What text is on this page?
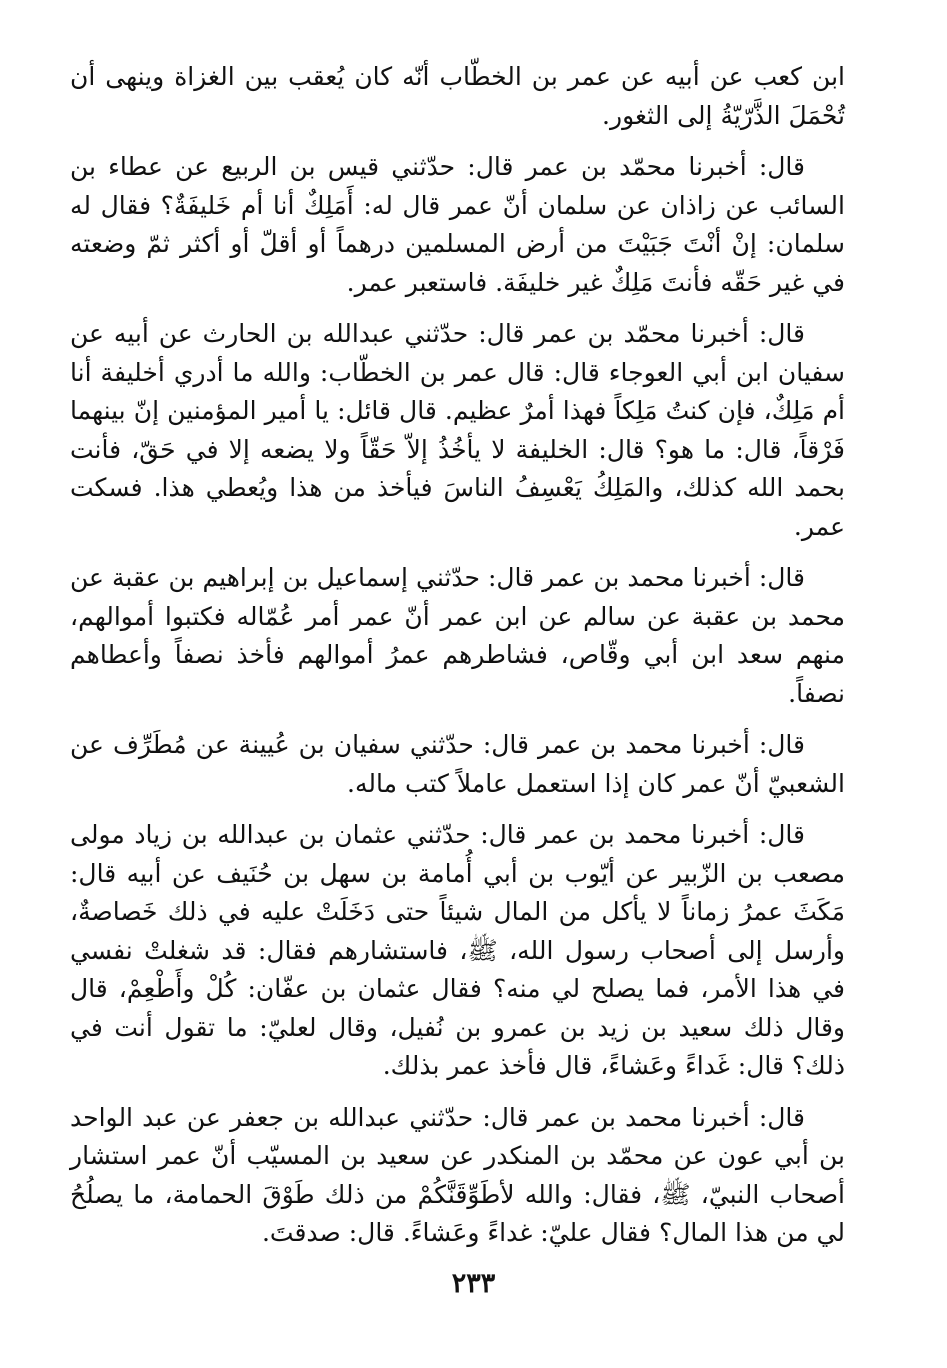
ابن كعب عن أبيه عن عمر بن الخطّاب أنّه كان يُعقب بين الغزاة وينهى أن تُحْمَلَ الذَّرّيّةُ إلى الثغور.

قال: أخبرنا محمّد بن عمر قال: حدّثني قيس بن الربيع عن عطاء بن السائب عن زاذان عن سلمان أنّ عمر قال له: أَمَلِكٌ أنا أم خَليفَةٌ؟ فقال له سلمان: إنْ أنْتَ جَبَيْتَ من أرض المسلمين درهماً أو أقلّ أو أكثر ثمّ وضعته في غير حَقّه فأنتَ مَلِكٌ غير خليفَة. فاستعبر عمر.

قال: أخبرنا محمّد بن عمر قال: حدّثني عبدالله بن الحارث عن أبيه عن سفيان ابن أبي العوجاء قال: قال عمر بن الخطّاب: والله ما أدري أخليفة أنا أم مَلِكٌ، فإن كنتُ مَلِكاً فهذا أمرٌ عظيم. قال قائل: يا أمير المؤمنين إنّ بينهما فَرْقاً، قال: ما هو؟ قال: الخليفة لا يأخُذُ إلاّ حَقّاً ولا يضعه إلا في حَقّ، فأنت بحمد الله كذلك، والمَلِكُ يَعْسِفُ الناسَ فيأخذ من هذا ويُعطي هذا. فسكت عمر.

قال: أخبرنا محمد بن عمر قال: حدّثني إسماعيل بن إبراهيم بن عقبة عن محمد بن عقبة عن سالم عن ابن عمر أنّ عمر أمر عُمّاله فكتبوا أموالهم، منهم سعد ابن أبي وقّاص، فشاطرهم عمرُ أموالهم فأخذ نصفاً وأعطاهم نصفاً.

قال: أخبرنا محمد بن عمر قال: حدّثني سفيان بن عُيينة عن مُطَرِّف عن الشعبيّ أنّ عمر كان إذا استعمل عاملاً كتب ماله.

قال: أخبرنا محمد بن عمر قال: حدّثني عثمان بن عبدالله بن زياد مولى مصعب بن الزّبير عن أيّوب بن أبي أُمامة بن سهل بن حُنَيف عن أبيه قال: مَكَثَ عمرُ زماناً لا يأكل من المال شيئاً حتى دَخَلَتْ عليه في ذلك خَصاصةٌ، وأرسل إلى أصحاب رسول الله، ﷺ، فاستشارهم فقال: قد شغلتْ نفسي في هذا الأمر، فما يصلح لي منه؟ فقال عثمان بن عفّان: كُلْ وأَطْعِمْ، قال وقال ذلك سعيد بن زيد بن عمرو بن نُفيل، وقال لعليّ: ما تقول أنت في ذلك؟ قال: غَداءً وعَشاءً، قال فأخذ عمر بذلك.

قال: أخبرنا محمد بن عمر قال: حدّثني عبدالله بن جعفر عن عبد الواحد بن أبي عون عن محمّد بن المنكدر عن سعيد بن المسيّب أنّ عمر استشار أصحاب النبيّ، ﷺ، فقال: والله لأطَوِّقَنَّكُمْ من ذلك طَوْقَ الحمامة، ما يصلُحُ لي من هذا المال؟ فقال عليّ: غداءً وعَشاءً. قال: صدقتَ.

٢٣٣
